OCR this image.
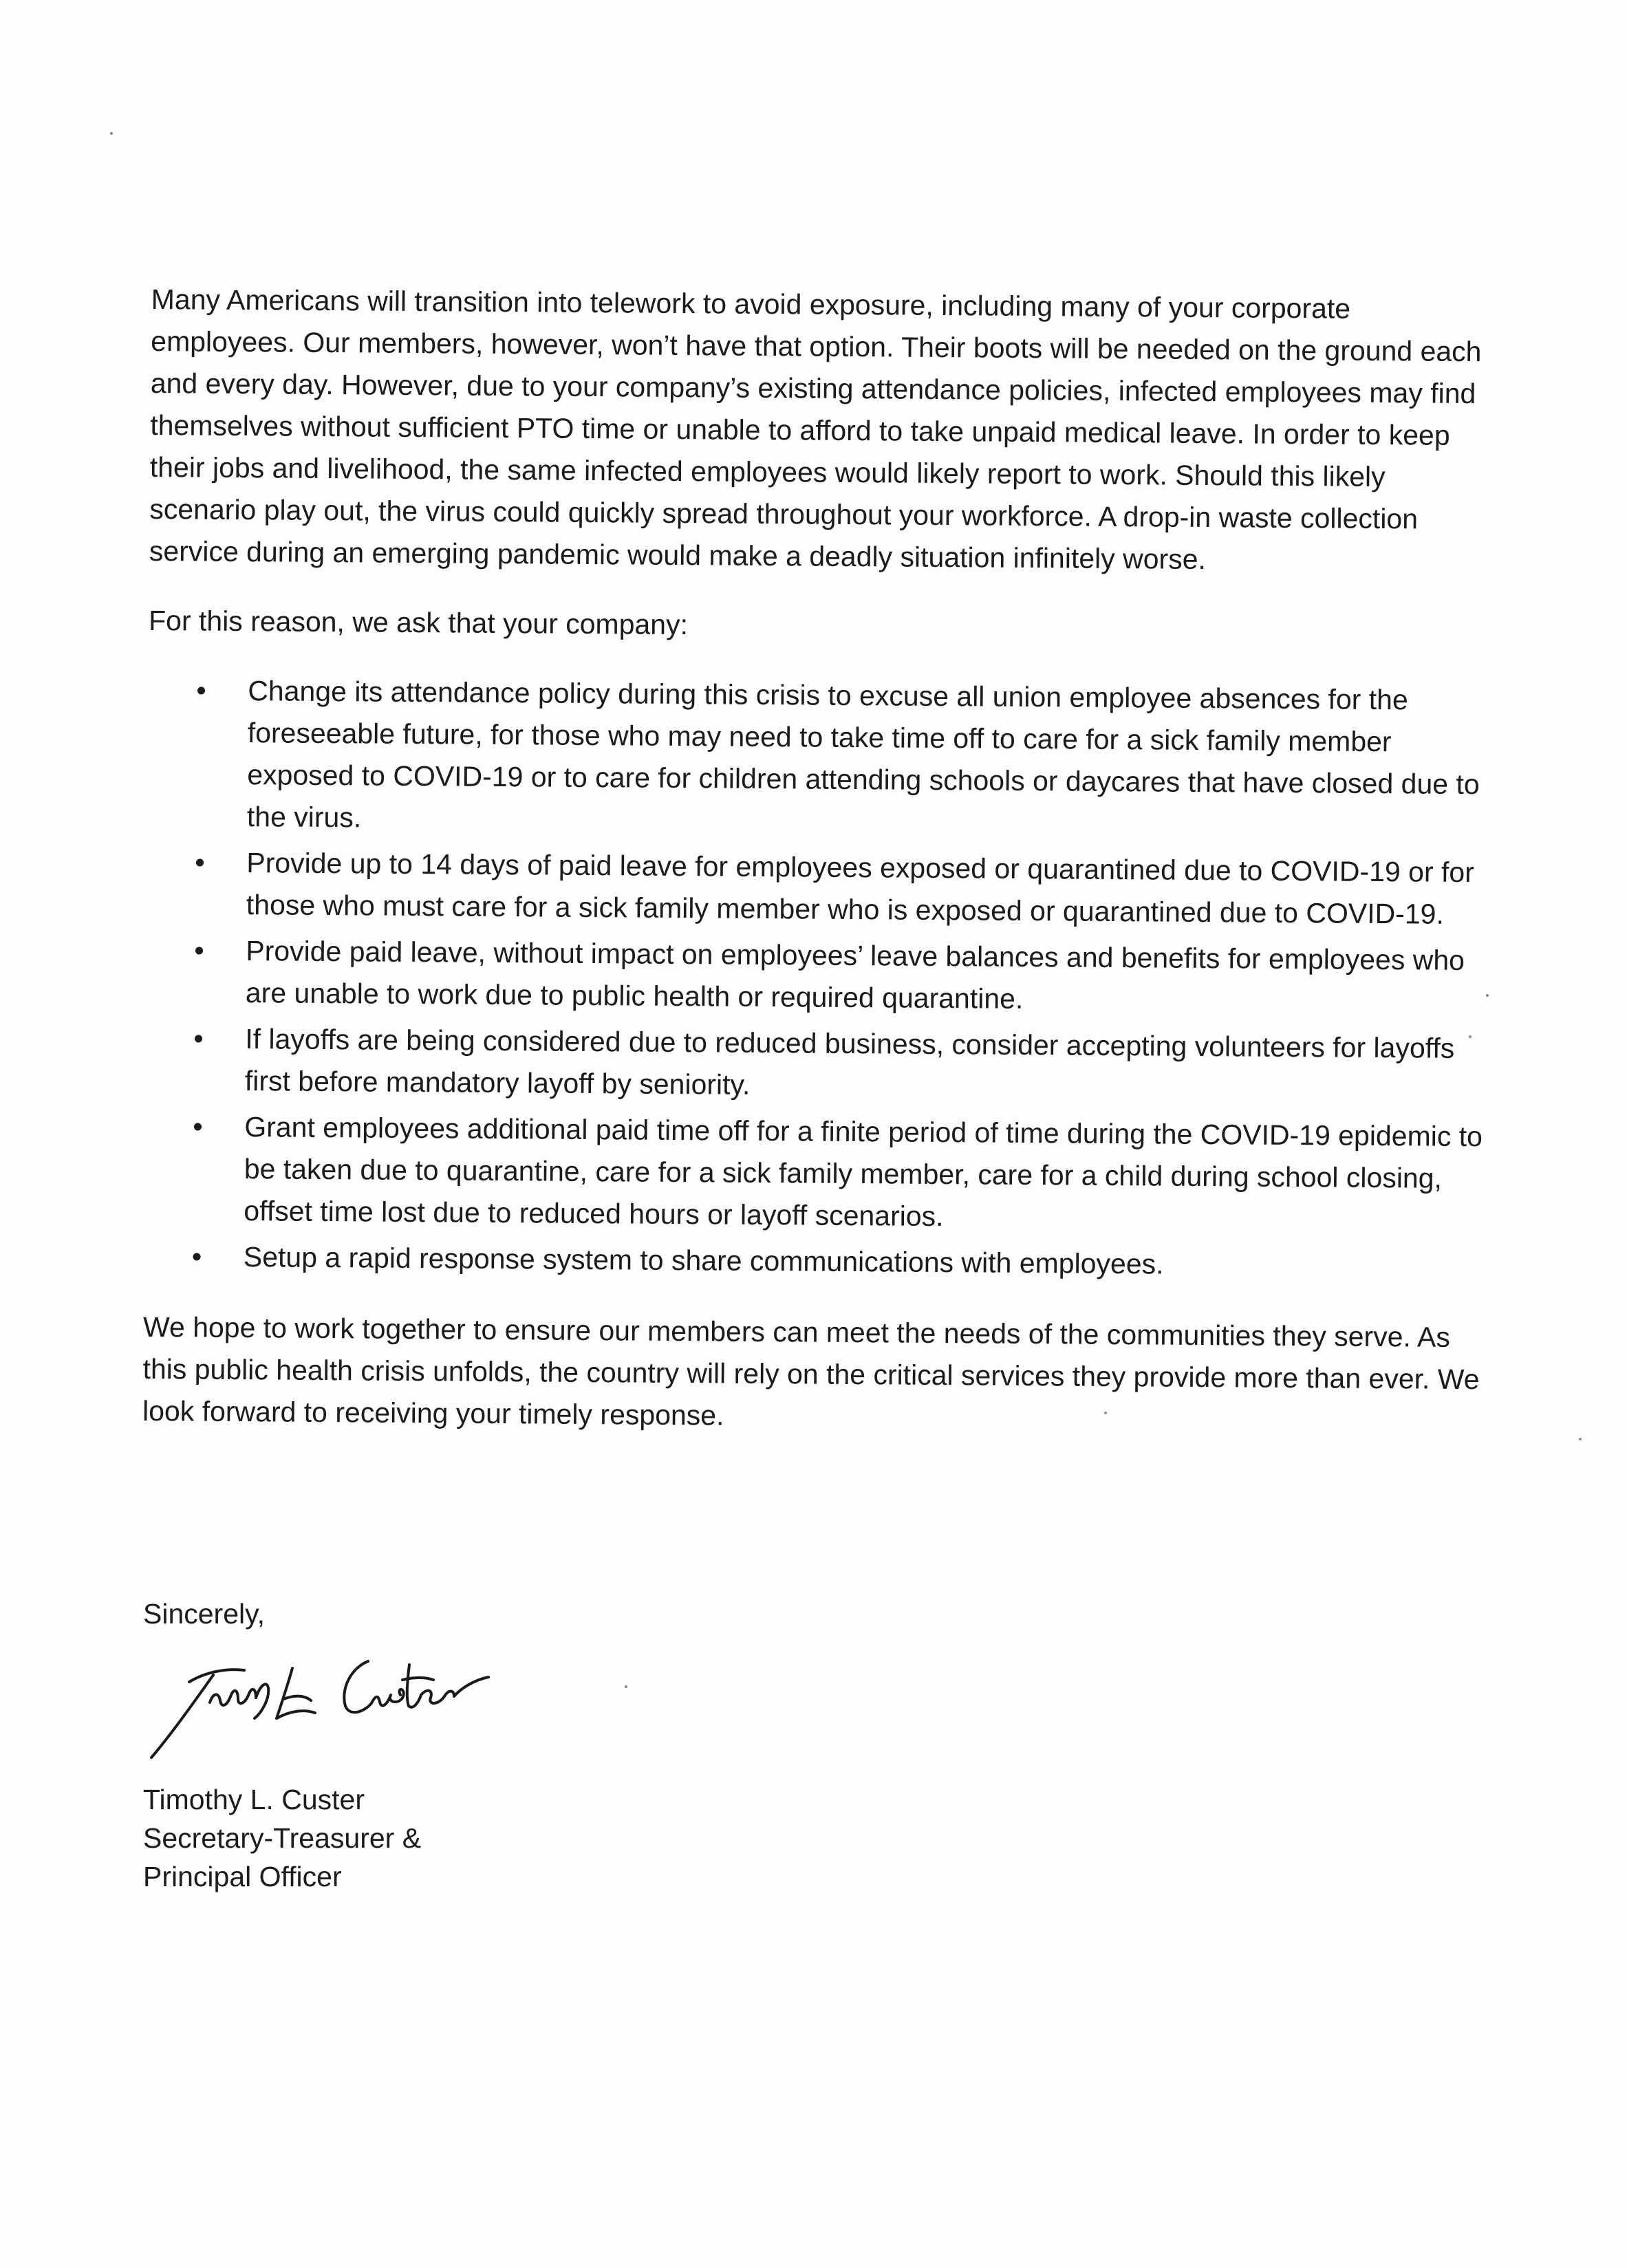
Many Americans will transition into telework to avoid exposure, including many of your corporate employees. Our members, however, won’t have that option. Their boots will be needed on the ground each and every day. However, due to your company’s existing attendance policies, infected employees may find themselves without sufficient PTO time or unable to afford to take unpaid medical leave. In order to keep their jobs and livelihood, the same infected employees would likely report to work. Should this likely scenario play out, the virus could quickly spread throughout your workforce. A drop-in waste collection service during an emerging pandemic would make a deadly situation infinitely worse.

For this reason, we ask that your company:

• Change its attendance policy during this crisis to excuse all union employee absences for the foreseeable future, for those who may need to take time off to care for a sick family member exposed to COVID-19 or to care for children attending schools or daycares that have closed due to the virus.
• Provide up to 14 days of paid leave for employees exposed or quarantined due to COVID-19 or for those who must care for a sick family member who is exposed or quarantined due to COVID-19.
• Provide paid leave, without impact on employees’ leave balances and benefits for employees who are unable to work due to public health or required quarantine.
• If layoffs are being considered due to reduced business, consider accepting volunteers for layoffs first before mandatory layoff by seniority.
• Grant employees additional paid time off for a finite period of time during the COVID-19 epidemic to be taken due to quarantine, care for a sick family member, care for a child during school closing, offset time lost due to reduced hours or layoff scenarios.
• Setup a rapid response system to share communications with employees.

We hope to work together to ensure our members can meet the needs of the communities they serve. As this public health crisis unfolds, the country will rely on the critical services they provide more than ever. We look forward to receiving your timely response.

Sincerely,
Timothy L. Custer
Secretary-Treasurer &
Principal Officer
